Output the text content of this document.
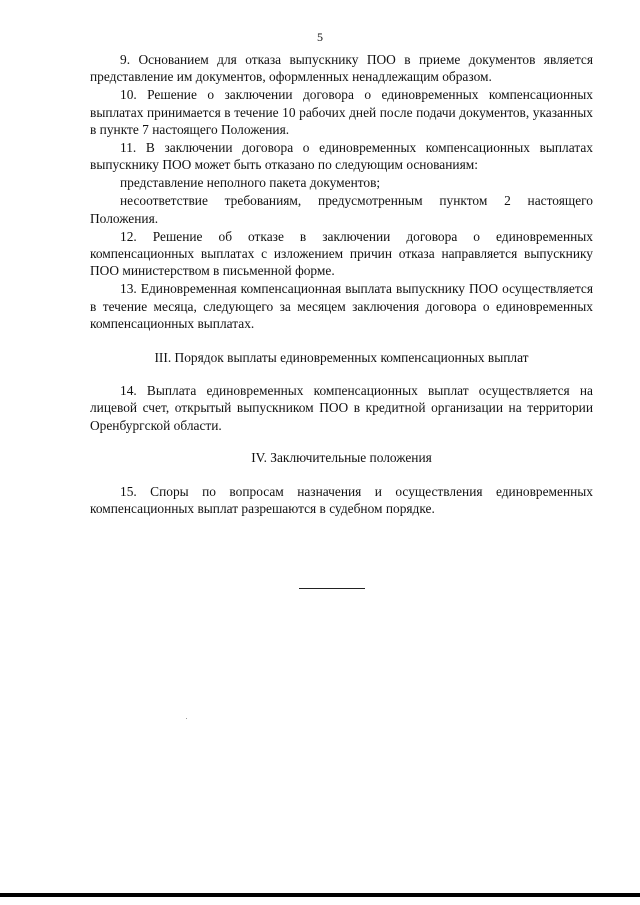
5

9. Основанием для отказа выпускнику ПОО в приеме документов является представление им документов, оформленных ненадлежащим образом.

10. Решение о заключении договора о единовременных компенсационных выплатах принимается в течение 10 рабочих дней после подачи документов, указанных в пункте 7 настоящего Положения.

11. В заключении договора о единовременных компенсационных выплатах выпускнику ПОО может быть отказано по следующим основаниям:

представление неполного пакета документов;

несоответствие требованиям, предусмотренным пунктом 2 настоящего Положения.

12. Решение об отказе в заключении договора о единовременных компенсационных выплатах с изложением причин отказа направляется выпускнику ПОО министерством в письменной форме.

13. Единовременная компенсационная выплата выпускнику ПОО осуществляется в течение месяца, следующего за месяцем заключения договора о единовременных компенсационных выплатах.

III. Порядок выплаты единовременных компенсационных выплат

14. Выплата единовременных компенсационных выплат осуществляется на лицевой счет, открытый выпускником ПОО в кредитной организации на территории Оренбургской области.

IV. Заключительные положения

15. Споры по вопросам назначения и осуществления единовременных компенсационных выплат разрешаются в судебном порядке.
